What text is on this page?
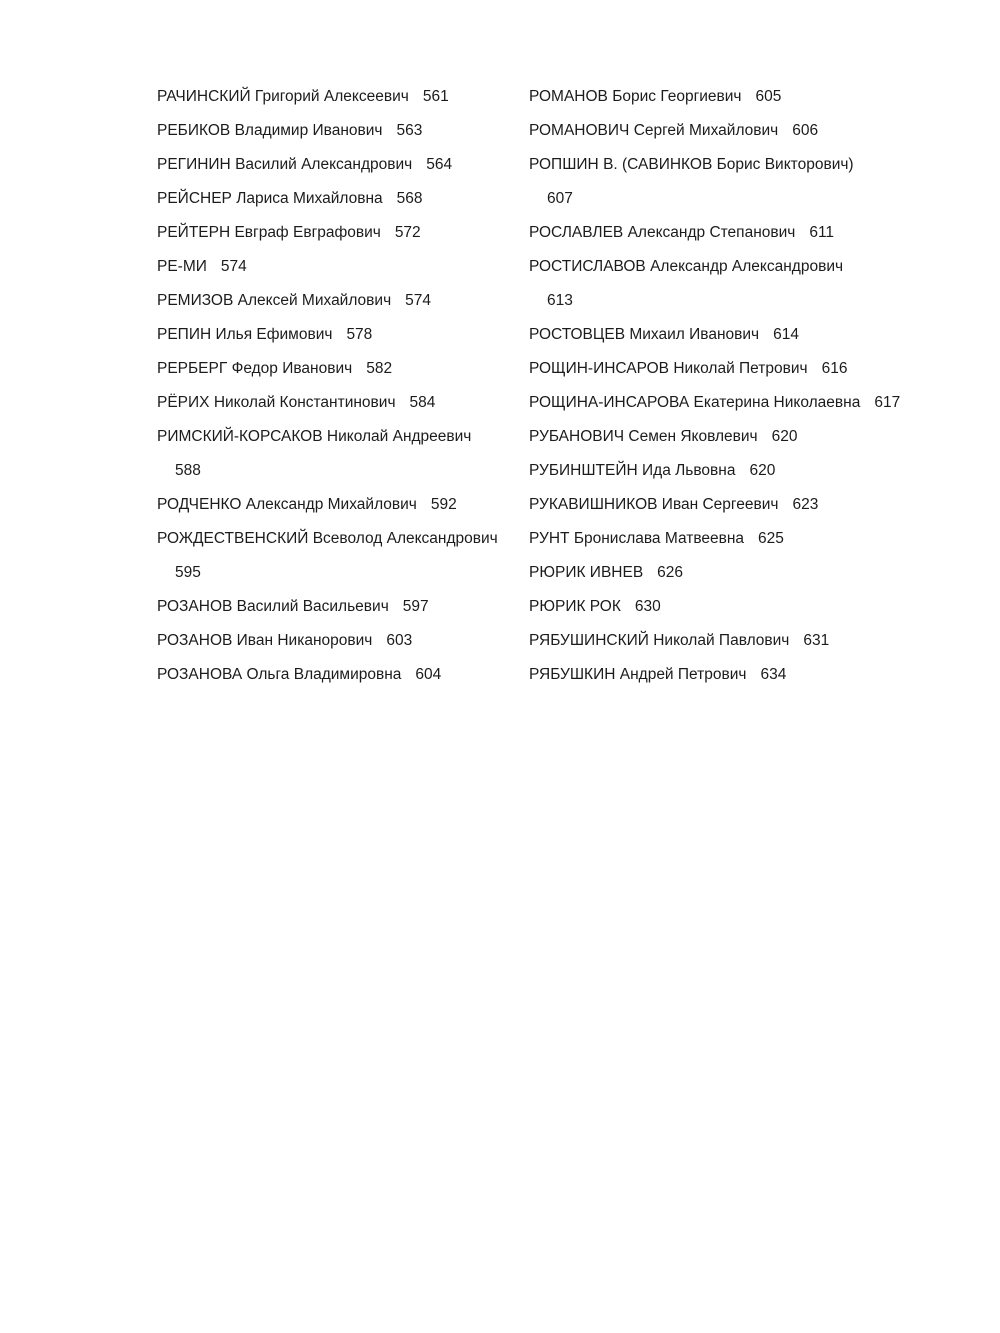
РАЧИНСКИЙ Григорий Алексеевич 561
РЕБИКОВ Владимир Иванович 563
РЕГИНИН Василий Александрович 564
РЕЙСНЕР Лариса Михайловна 568
РЕЙТЕРН Евграф Евграфович 572
РЕ-МИ 574
РЕМИЗОВ Алексей Михайлович 574
РЕПИН Илья Ефимович 578
РЕРБЕРГ Федор Иванович 582
РЁРИХ Николай Константинович 584
РИМСКИЙ-КОРСАКОВ Николай Андреевич
588
РОДЧЕНКО Александр Михайлович 592
РОЖДЕСТВЕНСКИЙ Всеволод Александрович
595
РОЗАНОВ Василий Васильевич 597
РОЗАНОВ Иван Никанорович 603
РОЗАНОВА Ольга Владимировна 604
РОМАНОВ Борис Георгиевич 605
РОМАНОВИЧ Сергей Михайлович 606
РОПШИН В. (САВИНКОВ Борис Викторович)
607
РОСЛАВЛЕВ Александр Степанович 611
РОСТИСЛАВОВ Александр Александрович
613
РОСТОВЦЕВ Михаил Иванович 614
РОЩИН-ИНСАРОВ Николай Петрович 616
РОЩИНА-ИНСАРОВА Екатерина Николаевна 617
РУБАНОВИЧ Семен Яковлевич 620
РУБИНШТЕЙН Ида Львовна 620
РУКАВИШНИКОВ Иван Сергеевич 623
РУНТ Бронислава Матвеевна 625
РЮРИК ИВНЕВ 626
РЮРИК РОК 630
РЯБУШИНСКИЙ Николай Павлович 631
РЯБУШКИН Андрей Петрович 634
